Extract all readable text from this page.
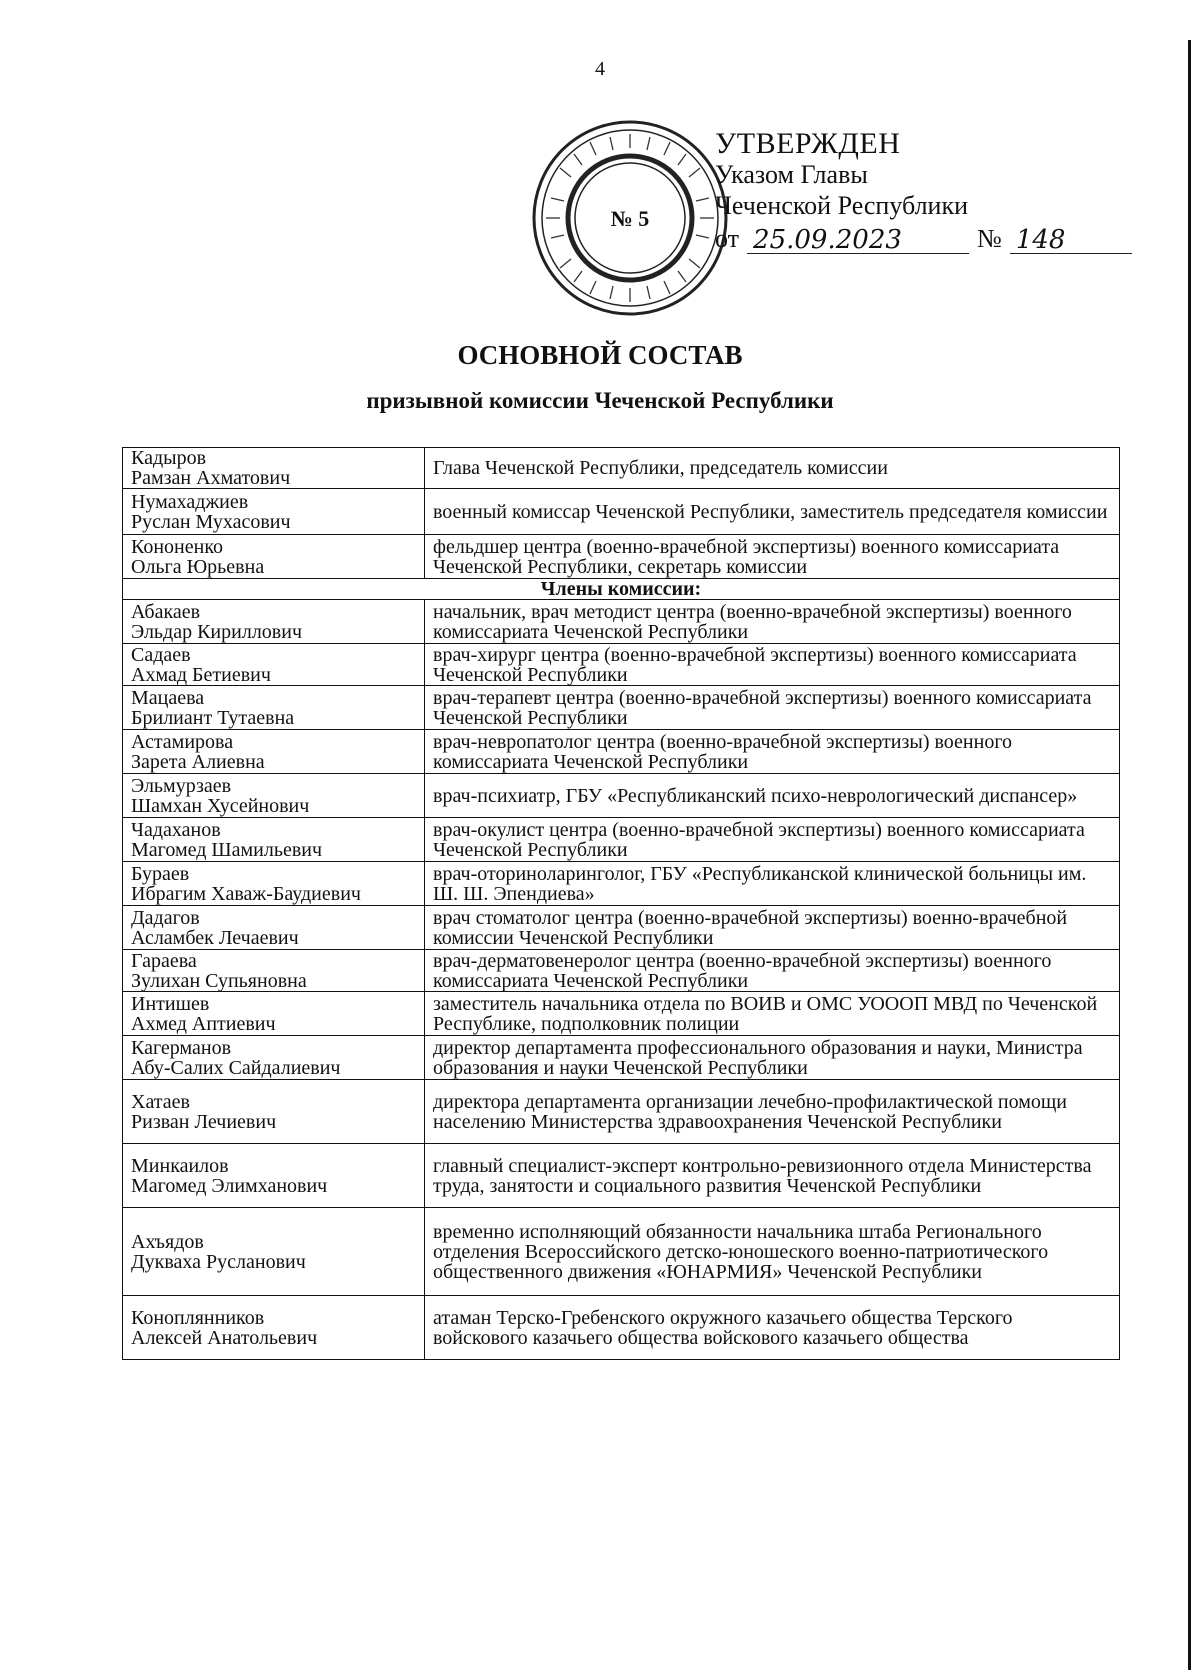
4
№ 5
УТВЕРЖДЕН
Указом Главы
Чеченской Республики
от 25.09.2023	№ 148
ОСНОВНОЙ СОСТАВ
призывной комиссии Чеченской Республики
Кадыров
Рамзан Ахматович	Глава Чеченской Республики, председатель комиссии

Нумахаджиев
Руслан Мухасович	военный комиссар Чеченской Республики, заместитель председателя комиссии

Кононенко
Ольга Юрьевна	фельдшер центра (военно-врачебной экспертизы) военного комиссариата Чеченской Республики, секретарь комиссии
Члены комиссии:	

Абакаев
Эльдар Кириллович	начальник, врач методист центра (военно-врачебной экспертизы) военного комиссариата Чеченской Республики

Садаев
Ахмад Бетиевич	врач-хирург центра (военно-врачебной экспертизы) военного комиссариата Чеченской Республики

Мацаева
Брилиант Тутаевна	врач-терапевт центра (военно-врачебной экспертизы) военного комиссариата Чеченской Республики

Астамирова
Зарета Алиевна	врач-невропатолог центра (военно-врачебной экспертизы) военного комиссариата Чеченской Республики

Эльмурзаев
Шамхан Хусейнович	врач-психиатр, ГБУ «Республиканский психо-неврологический диспансер»

Чадаханов
Магомед Шамильевич	врач-окулист центра (военно-врачебной экспертизы) военного комиссариата Чеченской Республики

Бураев
Ибрагим Хаваж-Баудиевич	врач-оториноларинголог, ГБУ «Республиканской клинической больницы им. Ш. Ш. Эпендиева»

Дадагов
Асламбек Лечаевич	врач стоматолог центра (военно-врачебной экспертизы) военно-врачебной комиссии Чеченской Республики

Гараева
Зулихан Супьяновна	врач-дерматовенеролог центра (военно-врачебной экспертизы) военного комиссариата Чеченской Республики

Интишев
Ахмед Аптиевич	заместитель начальника отдела по ВОИВ и ОМС УОООП МВД по Чеченской Республике, подполковник полиции

Кагерманов
Абу-Салих Сайдалиевич	директор департамента профессионального образования и науки, Министра образования и науки Чеченской Республики

Хатаев
Ризван Лечиевич	директора департамента организации лечебно-профилактической помощи населению Министерства здравоохранения Чеченской Республики

Минкаилов
Магомед Элимханович	главный специалист-эксперт контрольно-ревизионного отдела Министерства труда, занятости и социального развития Чеченской Республики

Ахъядов
Дукваха Русланович	временно исполняющий обязанности начальника штаба Регионального отделения Всероссийского детско-юношеского военно-патриотического общественного движения «ЮНАРМИЯ» Чеченской Республики

Коноплянников
Алексей Анатольевич	атаман Терско-Гребенского окружного казачьего общества Терского войскового казачьего общества войскового казачьего общества
